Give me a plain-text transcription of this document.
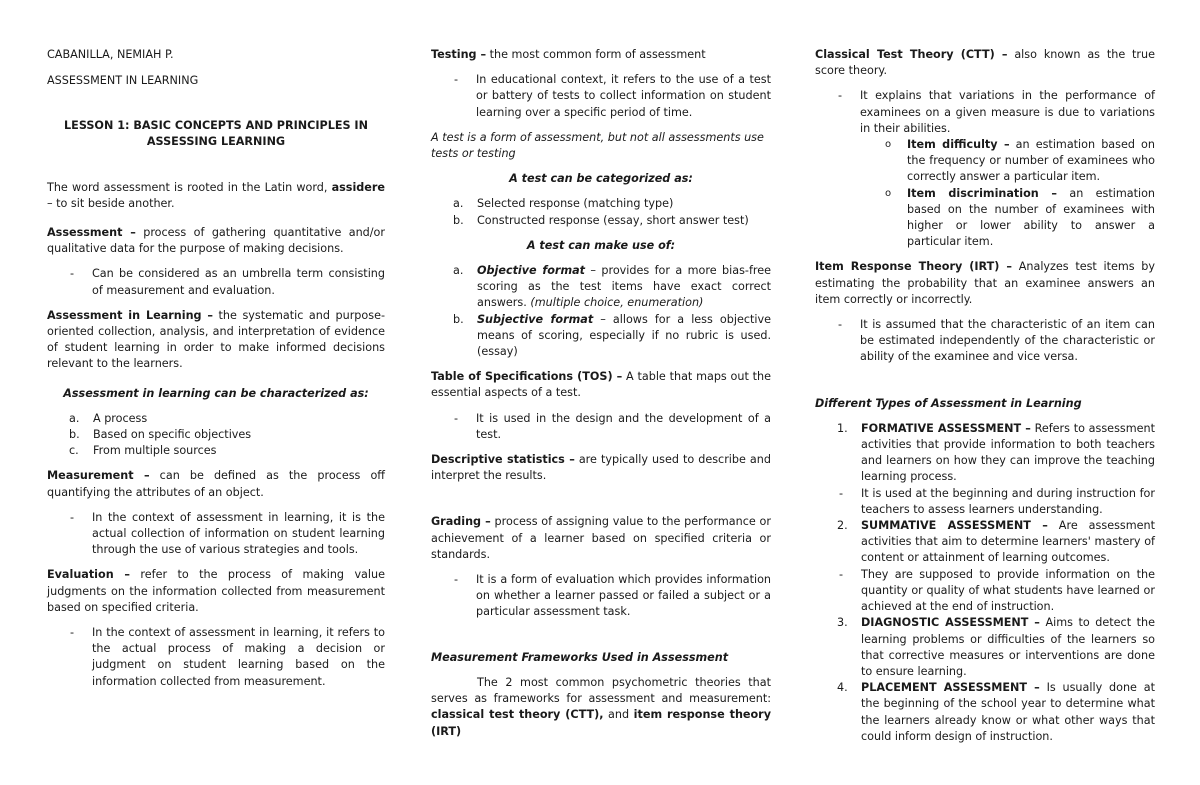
CABANILLA, NEMIAH P.

ASSESSMENT IN LEARNING

LESSON 1: BASIC CONCEPTS AND PRINCIPLES IN ASSESSING LEARNING

The word assessment is rooted in the Latin word, assidere – to sit beside another.

Assessment – process of gathering quantitative and/or qualitative data for the purpose of making decisions.

- Can be considered as an umbrella term consisting of measurement and evaluation.

Assessment in Learning – the systematic and purpose-oriented collection, analysis, and interpretation of evidence of student learning in order to make informed decisions relevant to the learners.

Assessment in learning can be characterized as:

a. A process
b. Based on specific objectives
c. From multiple sources

Measurement – can be defined as the process off quantifying the attributes of an object.

- In the context of assessment in learning, it is the actual collection of information on student learning through the use of various strategies and tools.

Evaluation – refer to the process of making value judgments on the information collected from measurement based on specified criteria.

- In the context of assessment in learning, it refers to the actual process of making a decision or judgment on student learning based on the information collected from measurement.

Testing – the most common form of assessment

- In educational context, it refers to the use of a test or battery of tests to collect information on student learning over a specific period of time.

A test is a form of assessment, but not all assessments use tests or testing

A test can be categorized as:

a. Selected response (matching type)
b. Constructed response (essay, short answer test)

A test can make use of:

a. Objective format – provides for a more bias-free scoring as the test items have exact correct answers. (multiple choice, enumeration)
b. Subjective format – allows for a less objective means of scoring, especially if no rubric is used. (essay)

Table of Specifications (TOS) – A table that maps out the essential aspects of a test.

- It is used in the design and the development of a test.

Descriptive statistics – are typically used to describe and interpret the results.

Grading – process of assigning value to the performance or achievement of a learner based on specified criteria or standards.

- It is a form of evaluation which provides information on whether a learner passed or failed a subject or a particular assessment task.

Measurement Frameworks Used in Assessment

The 2 most common psychometric theories that serves as frameworks for assessment and measurement: classical test theory (CTT), and item response theory (IRT)

Classical Test Theory (CTT) – also known as the true score theory.

- It explains that variations in the performance of examinees on a given measure is due to variations in their abilities.
o Item difficulty – an estimation based on the frequency or number of examinees who correctly answer a particular item.
o Item discrimination – an estimation based on the number of examinees with higher or lower ability to answer a particular item.

Item Response Theory (IRT) – Analyzes test items by estimating the probability that an examinee answers an item correctly or incorrectly.

- It is assumed that the characteristic of an item can be estimated independently of the characteristic or ability of the examinee and vice versa.

Different Types of Assessment in Learning

1. FORMATIVE ASSESSMENT – Refers to assessment activities that provide information to both teachers and learners on how they can improve the teaching learning process.
- It is used at the beginning and during instruction for teachers to assess learners understanding.
2. SUMMATIVE ASSESSMENT – Are assessment activities that aim to determine learners' mastery of content or attainment of learning outcomes.
- They are supposed to provide information on the quantity or quality of what students have learned or achieved at the end of instruction.
3. DIAGNOSTIC ASSESSMENT – Aims to detect the learning problems or difficulties of the learners so that corrective measures or interventions are done to ensure learning.
4. PLACEMENT ASSESSMENT – Is usually done at the beginning of the school year to determine what the learners already know or what other ways that could inform design of instruction.
